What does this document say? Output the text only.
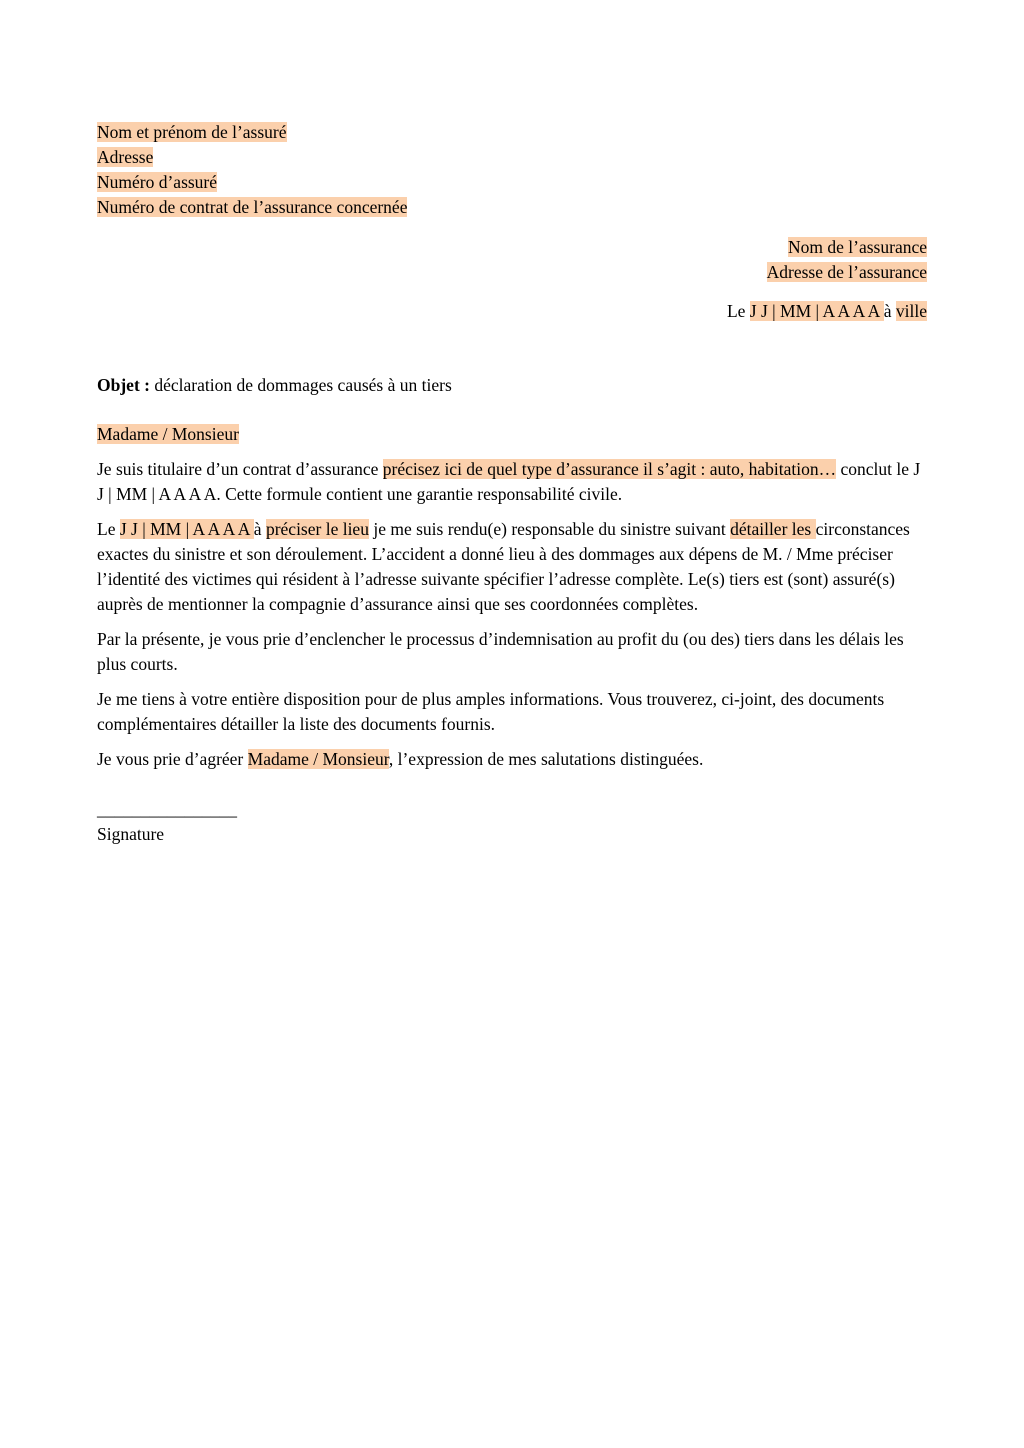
Nom et prénom de l’assuré
Adresse
Numéro d’assuré
Numéro de contrat de l’assurance concernée
Nom de l’assurance
Adresse de l’assurance
Le J J | MM | A A A A à ville
Objet : déclaration de dommages causés à un tiers
Madame / Monsieur

Je suis titulaire d’un contrat d’assurance précisez ici de quel type d’assurance il s’agit : auto, habitation… conclut le J J | MM | A A A A. Cette formule contient une garantie responsabilité civile.

Le J J | MM | A A A A à préciser le lieu je me suis rendu(e) responsable du sinistre suivant détailler les circonstances exactes du sinistre et son déroulement. L’accident a donné lieu à des dommages aux dépens de M. / Mme préciser l’identité des victimes qui résident à l’adresse suivante spécifier l’adresse complète. Le(s) tiers est (sont) assuré(s) auprès de mentionner la compagnie d’assurance ainsi que ses coordonnées complètes.

Par la présente, je vous prie d’enclencher le processus d’indemnisation au profit du (ou des) tiers dans les délais les plus courts.

Je me tiens à votre entière disposition pour de plus amples informations. Vous trouverez, ci-joint, des documents complémentaires détailler la liste des documents fournis.

Je vous prie d’agréer Madame / Monsieur, l’expression de mes salutations distinguées.
________________
Signature
